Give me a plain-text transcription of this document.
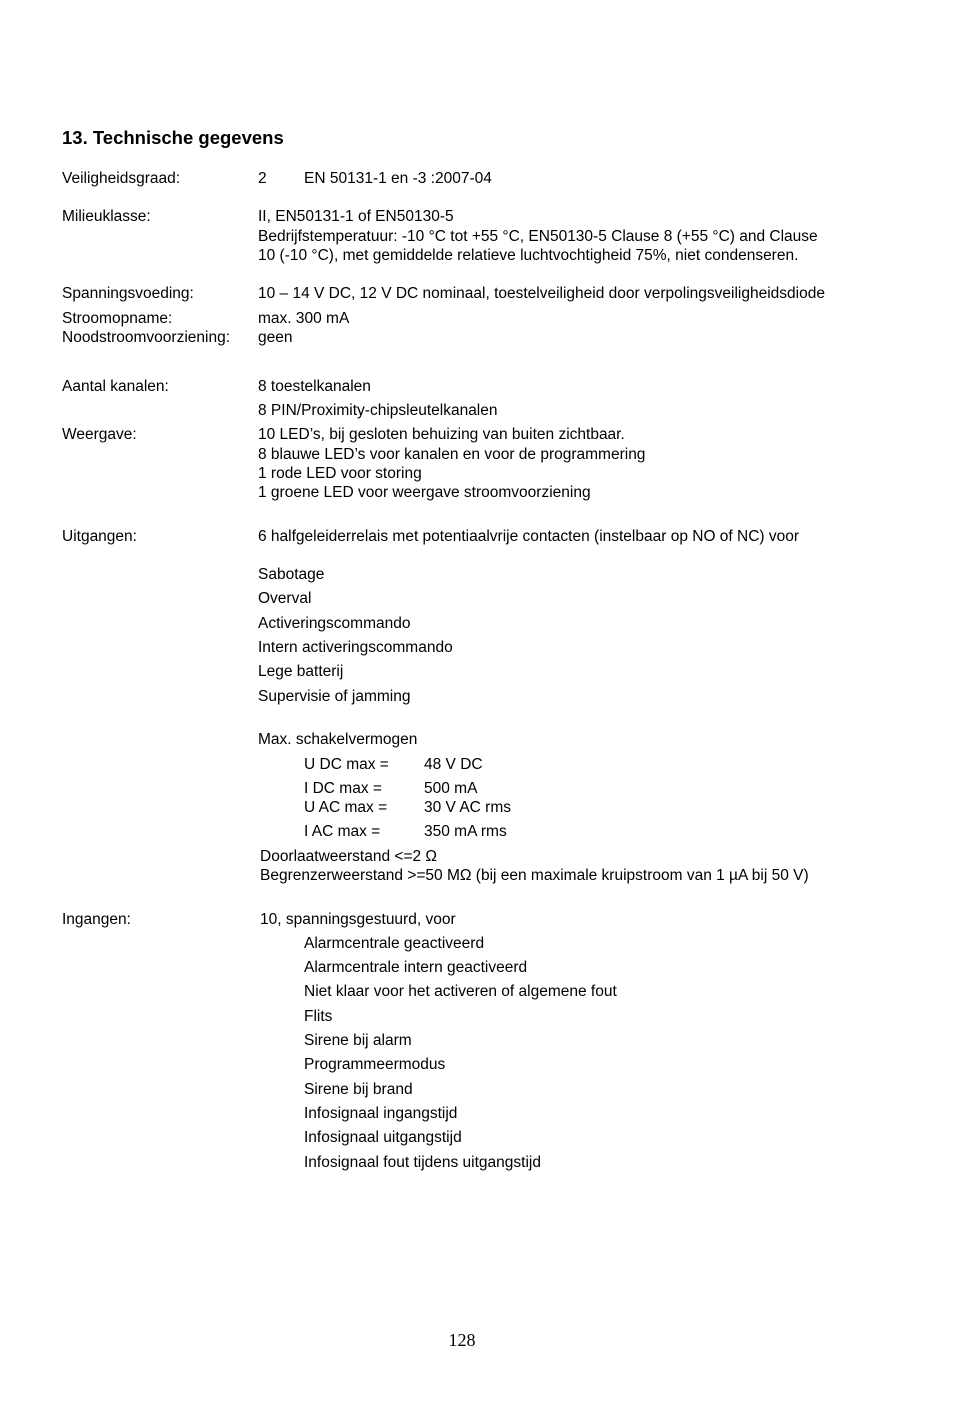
13. Technische gegevens
Veiligheidsgraad:	2 EN 50131-1 en -3 :2007-04
Milieuklasse:	II, EN50131-1 of EN50130-5
Bedrijfstemperatuur: -10 °C tot +55 °C, EN50130-5 Clause 8 (+55 °C) and Clause
10 (-10 °C), met gemiddelde relatieve luchtvochtigheid 75%, niet condenseren.
Spanningsvoeding:	10 – 14 V DC, 12 V DC nominaal, toestelveiligheid door verpolingsveiligheidsdiode
Stroomopname:	max. 300 mA
Noodstroomvoorziening: geen
Aantal kanalen:	8 toestelkanalen
8 PIN/Proximity-chipsleutelkanalen
Weergave:	10 LED’s, bij gesloten behuizing van buiten zichtbaar.
8 blauwe LED’s voor kanalen en voor de programmering
1 rode LED voor storing
1 groene LED voor weergave stroomvoorziening
Uitgangen:	6 halfgeleiderrelais met potentiaalvrije contacten (instelbaar op NO of NC) voor
Sabotage
Overval
Activeringscommando
Intern activeringscommando
Lege batterij
Supervisie of jamming
Max. schakelvermogen
U DC max = 48 V DC
I DC max =	500 mA
U AC max = 30 V AC rms
I AC max =	350 mA rms
Doorlaatweerstand <=2 Ω
Begrenzerweerstand >=50 MΩ (bij een maximale kruipstroom van 1 µA bij 50 V)
Ingangen:	10, spanningsgestuurd, voor
Alarmcentrale geactiveerd
Alarmcentrale intern geactiveerd
Niet klaar voor het activeren of algemene fout
Flits
Sirene bij alarm
Programmeermodus
Sirene bij brand
Infosignaal ingangstijd
Infosignaal uitgangstijd
Infosignaal fout tijdens uitgangstijd
128
